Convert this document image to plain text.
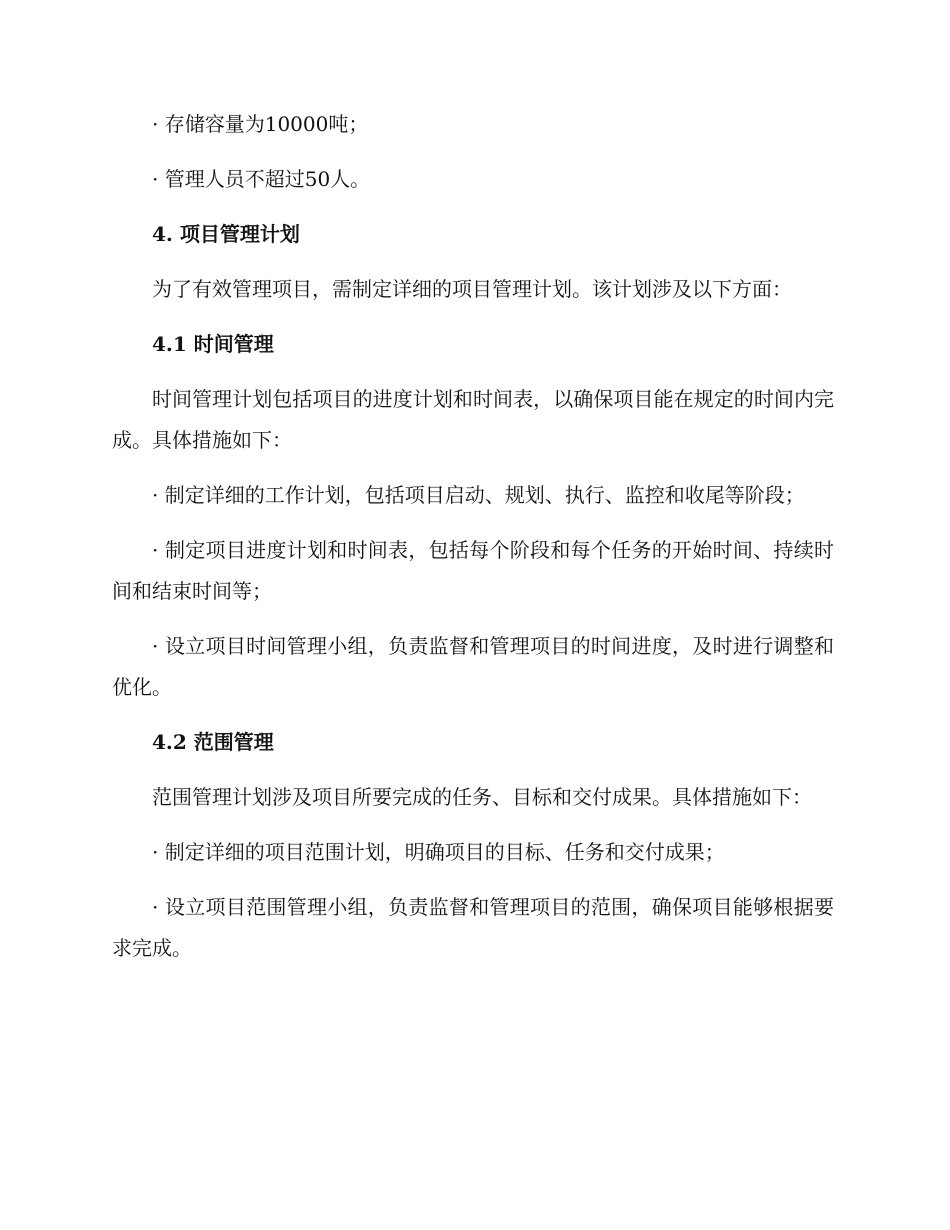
· 存储容量为10000吨；

· 管理人员不超过50人。

4. 项目管理计划

为了有效管理项目，需制定详细的项目管理计划。该计划涉及以下方面：

4.1 时间管理

时间管理计划包括项目的进度计划和时间表，以确保项目能在规定的时间内完成。具体措施如下：

· 制定详细的工作计划，包括项目启动、规划、执行、监控和收尾等阶段；

· 制定项目进度计划和时间表，包括每个阶段和每个任务的开始时间、持续时间和结束时间等；

· 设立项目时间管理小组，负责监督和管理项目的时间进度，及时进行调整和优化。

4.2 范围管理

范围管理计划涉及项目所要完成的任务、目标和交付成果。具体措施如下：

· 制定详细的项目范围计划，明确项目的目标、任务和交付成果；

· 设立项目范围管理小组，负责监督和管理项目的范围，确保项目能够根据要求完成。
